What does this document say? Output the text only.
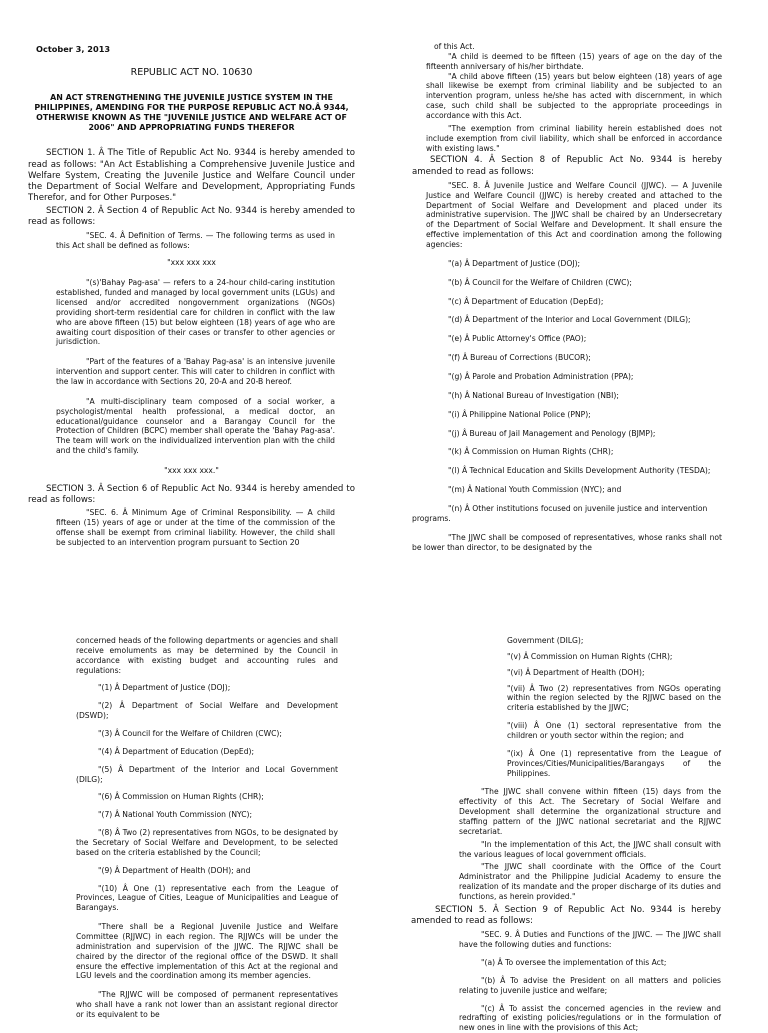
October 3, 2013
REPUBLIC ACT NO. 10630

AN ACT STRENGTHENING THE JUVENILE JUSTICE SYSTEM IN THE PHILIPPINES, AMENDING FOR THE PURPOSE REPUBLIC ACT NO.Â 9344, OTHERWISE KNOWN AS THE "JUVENILE JUSTICE AND WELFARE ACT OF 2006" AND APPROPRIATING FUNDS THEREFOR

SECTION 1. Â The Title of Republic Act No. 9344 is hereby amended to read as follows: "An Act Establishing a Comprehensive Juvenile Justice and Welfare System, Creating the Juvenile Justice and Welfare Council under the Department of Social Welfare and Development, Appropriating Funds Therefor, and for Other Purposes."

SECTION 2. Â Section 4 of Republic Act No. 9344 is hereby amended to read as follows:

"SEC. 4. Â Definition of Terms. — The following terms as used in this Act shall be defined as follows:

"xxx xxx xxx

"(s)'Bahay Pag-asa' — refers to a 24-hour child-caring institution established, funded and managed by local government units (LGUs) and licensed and/or accredited nongovernment organizations (NGOs) providing short-term residential care for children in conflict with the law who are above fifteen (15) but below eighteen (18) years of age who are awaiting court disposition of their cases or transfer to other agencies or jurisdiction.

"Part of the features of a 'Bahay Pag-asa' is an intensive juvenile intervention and support center. This will cater to children in conflict with the law in accordance with Sections 20, 20-A and 20-B hereof.

"A multi-disciplinary team composed of a social worker, a psychologist/mental health professional, a medical doctor, an educational/guidance counselor and a Barangay Council for the Protection of Children (BCPC) member shall operate the 'Bahay Pag-asa'. The team will work on the individualized intervention plan with the child and the child's family.

"xxx xxx xxx."

SECTION 3. Â Section 6 of Republic Act No. 9344 is hereby amended to read as follows:

"SEC. 6. Â Minimum Age of Criminal Responsibility. — A child fifteen (15) years of age or under at the time of the commission of the offense shall be exempt from criminal liability. However, the child shall be subjected to an intervention program pursuant to Section 20

of this Act.

"A child is deemed to be fifteen (15) years of age on the day of the fifteenth anniversary of his/her birthdate.

"A child above fifteen (15) years but below eighteen (18) years of age shall likewise be exempt from criminal liability and be subjected to an intervention program, unless he/she has acted with discernment, in which case, such child shall be subjected to the appropriate proceedings in accordance with this Act.

"The exemption from criminal liability herein established does not include exemption from civil liability, which shall be enforced in accordance with existing laws."

SECTION 4. Â Section 8 of Republic Act No. 9344 is hereby amended to read as follows:

"SEC. 8. Â Juvenile Justice and Welfare Council (JJWC). — A Juvenile Justice and Welfare Council (JJWC) is hereby created and attached to the Department of Social Welfare and Development and placed under its administrative supervision. The JJWC shall be chaired by an Undersecretary of the Department of Social Welfare and Development. It shall ensure the effective implementation of this Act and coordination among the following agencies:

"(a) Â Department of Justice (DOJ);

"(b) Â Council for the Welfare of Children (CWC);

"(c) Â Department of Education (DepEd);

"(d) Â Department of the Interior and Local Government (DILG);

"(e) Â Public Attorney's Office (PAO);

"(f) Â Bureau of Corrections (BUCOR);

"(g) Â Parole and Probation Administration (PPA);

"(h) Â National Bureau of Investigation (NBI);

"(i) Â Philippine National Police (PNP);

"(j) Â Bureau of Jail Management and Penology (BJMP);

"(k) Â Commission on Human Rights (CHR);

"(l) Â Technical Education and Skills Development Authority (TESDA);

"(m) Â National Youth Commission (NYC); and

"(n) Â Other institutions focused on juvenile justice and intervention programs.

"The JJWC shall be composed of representatives, whose ranks shall not be lower than director, to be designated by the

concerned heads of the following departments or agencies and shall receive emoluments as may be determined by the Council in accordance with existing budget and accounting rules and regulations:

"(1) Â Department of Justice (DOJ);

"(2) Â Department of Social Welfare and Development (DSWD);

"(3) Â Council for the Welfare of Children (CWC);

"(4) Â Department of Education (DepEd);

"(5) Â Department of the Interior and Local Government (DILG);

"(6) Â Commission on Human Rights (CHR);

"(7) Â National Youth Commission (NYC);

"(8) Â Two (2) representatives from NGOs, to be designated by the Secretary of Social Welfare and Development, to be selected based on the criteria established by the Council;

"(9) Â Department of Health (DOH); and

"(10) Â One (1) representative each from the League of Provinces, League of Cities, League of Municipalities and League of Barangays.

"There shall be a Regional Juvenile Justice and Welfare Committee (RJJWC) in each region. The RJJWCs will be under the administration and supervision of the JJWC. The RJJWC shall be chaired by the director of the regional office of the DSWD. It shall ensure the effective implementation of this Act at the regional and LGU levels and the coordination among its member agencies.

"The RJJWC will be composed of permanent representatives who shall have a rank not lower than an assistant regional director or its equivalent to be

Government (DILG);

"(v) Â Commission on Human Rights (CHR);

"(vi) Â Department of Health (DOH);

"(vii) Â Two (2) representatives from NGOs operating within the region selected by the RJJWC based on the criteria established by the JJWC;

"(viii) Â One (1) sectoral representative from the children or youth sector within the region; and

"(ix) Â One (1) representative from the League of Provinces/Cities/Municipalities/Barangays of the Philippines.

"The JJWC shall convene within fifteen (15) days from the effectivity of this Act. The Secretary of Social Welfare and Development shall determine the organizational structure and staffing pattern of the JJWC national secretariat and the RJJWC secretariat.

"In the implementation of this Act, the JJWC shall consult with the various leagues of local government officials.

"The JJWC shall coordinate with the Office of the Court Administrator and the Philippine Judicial Academy to ensure the realization of its mandate and the proper discharge of its duties and functions, as herein provided."

SECTION 5. Â Section 9 of Republic Act No. 9344 is hereby amended to read as follows:

"SEC. 9. Â Duties and Functions of the JJWC. — The JJWC shall have the following duties and functions:

"(a) Â To oversee the implementation of this Act;

"(b) Â To advise the President on all matters and policies relating to juvenile justice and welfare;

"(c) Â To assist the concerned agencies in the review and redrafting of existing policies/regulations or in the formulation of new ones in line with the provisions of this Act;
